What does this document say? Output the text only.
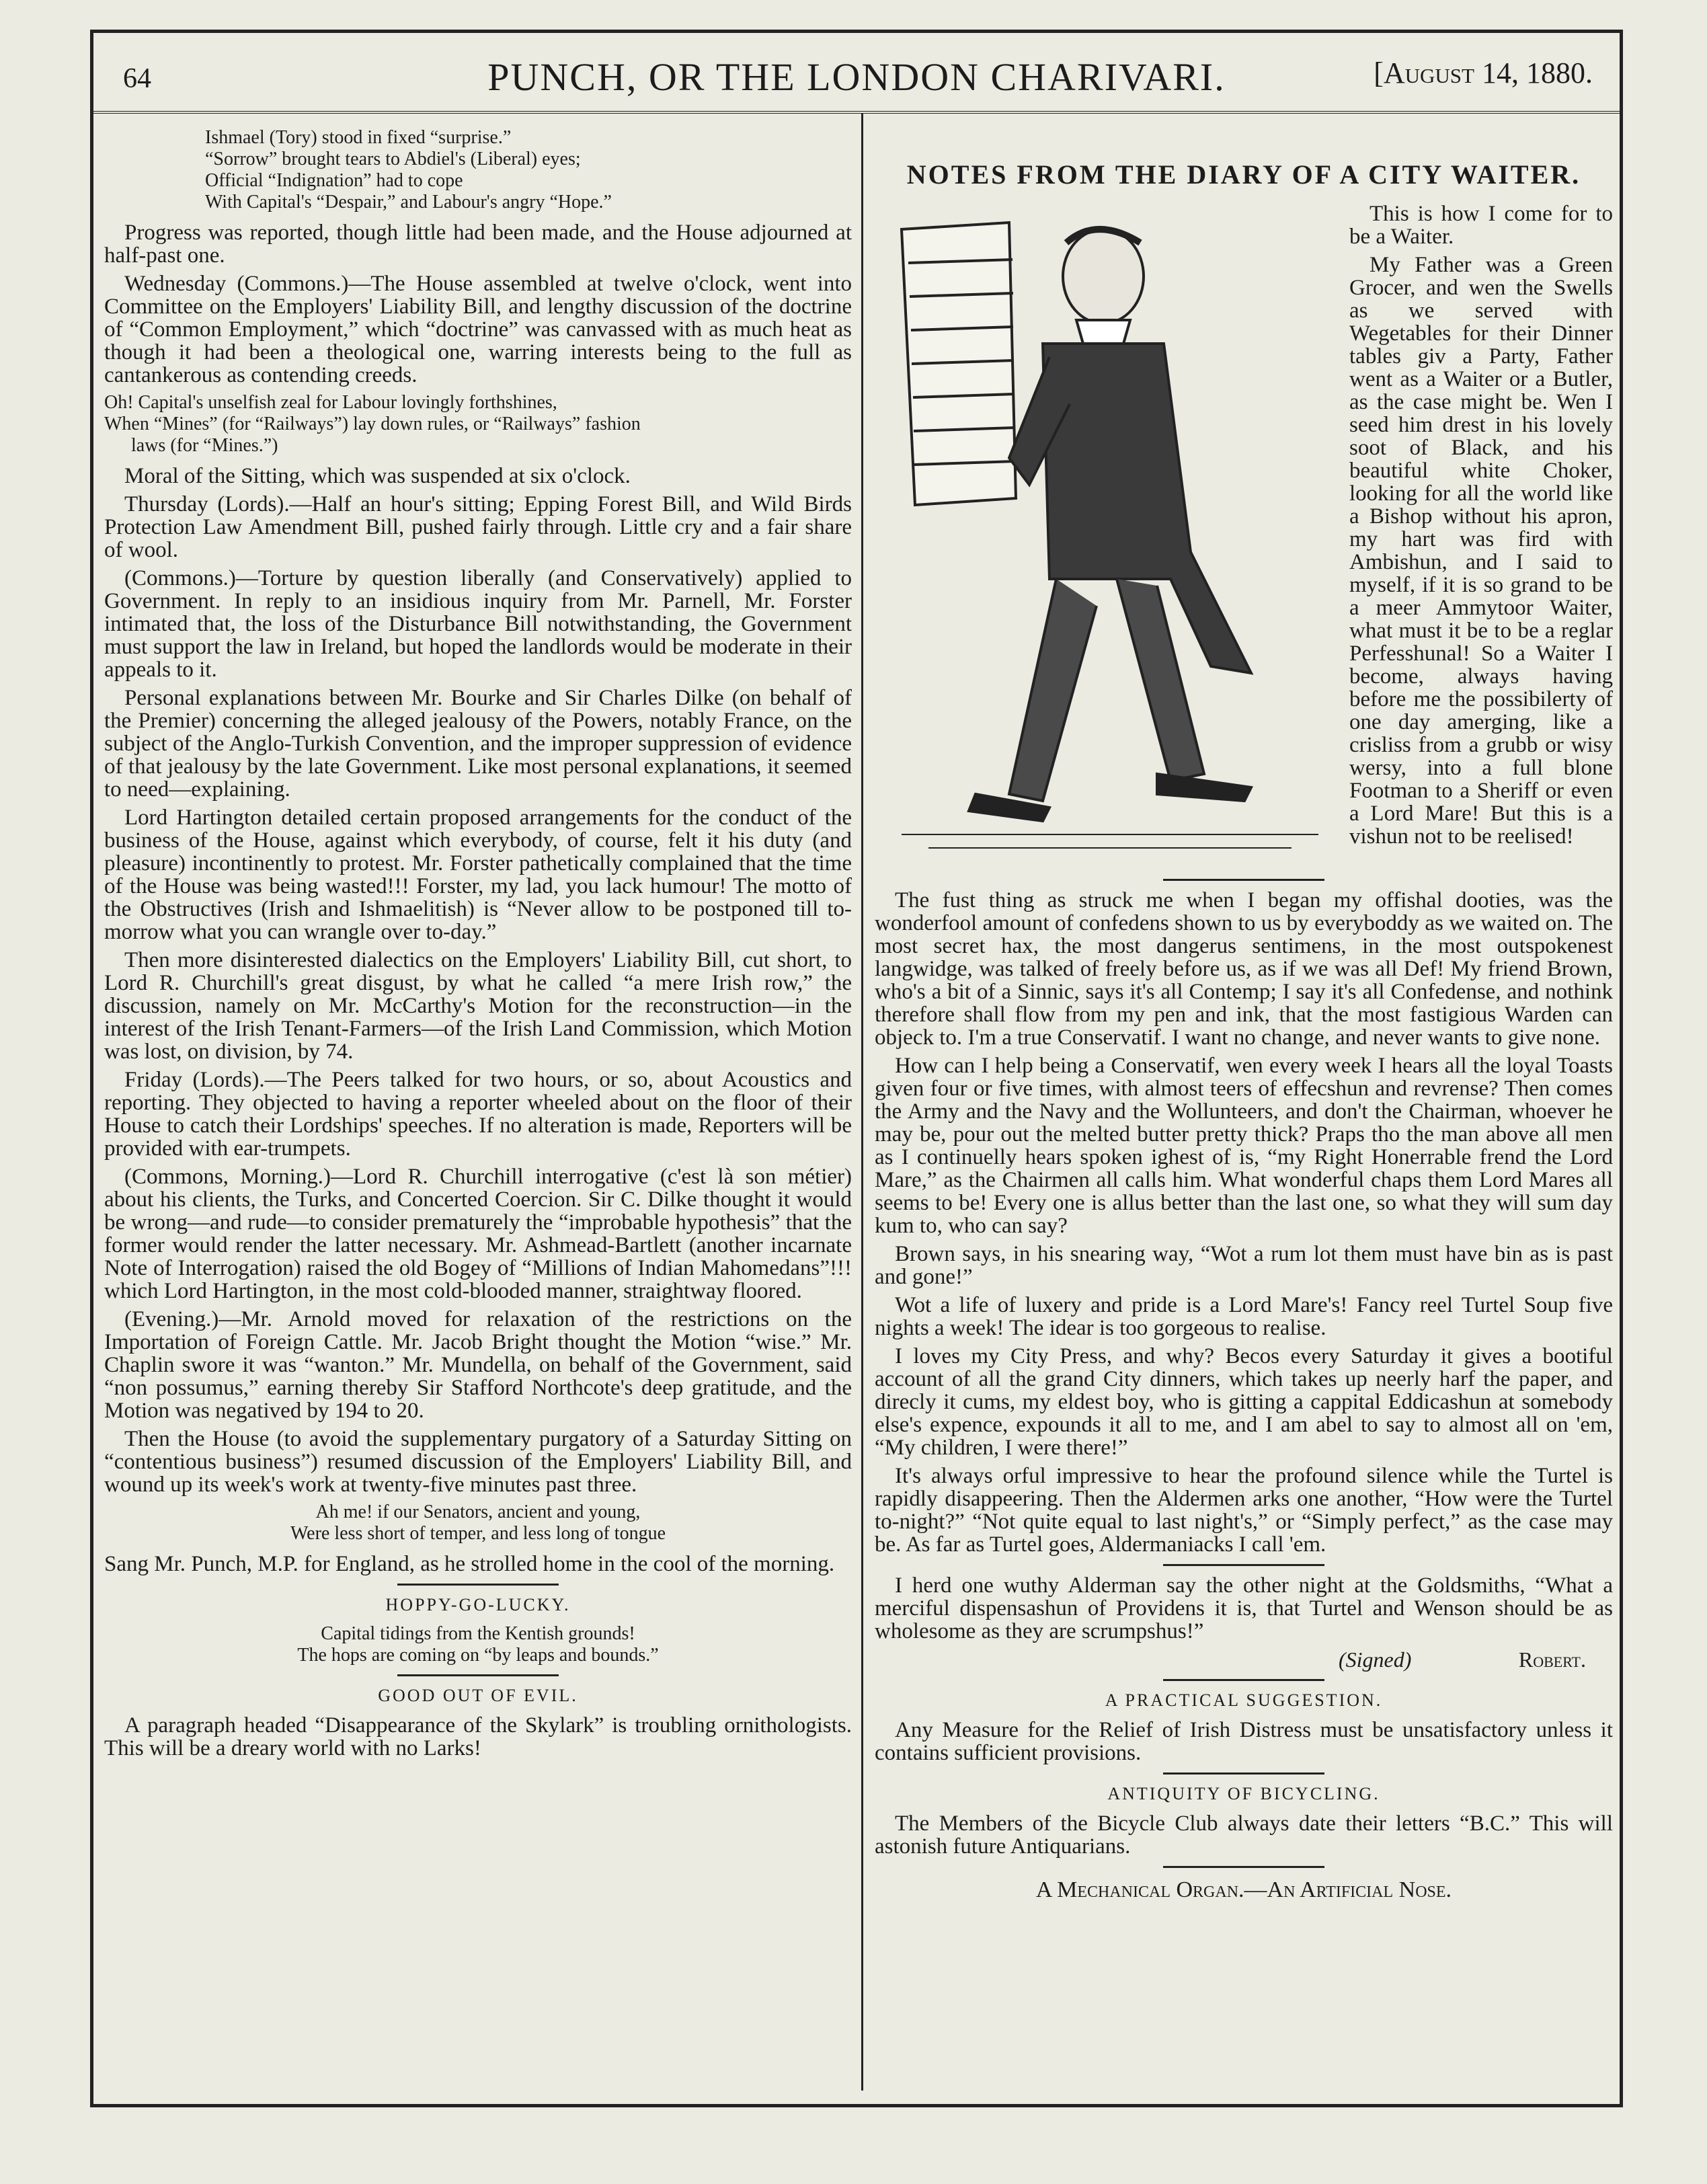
64	PUNCH, OR THE LONDON CHARIVARI.	[August 14, 1880.
Ishmael (Tory) stood in fixed “surprise.”
“Sorrow” brought tears to Abdiel's (Liberal) eyes;
Official “Indignation” had to cope
With Capital's “Despair,” and Labour's angry “Hope.”

Progress was reported, though little had been made, and the House adjourned at half-past one.

Wednesday (Commons.)—The House assembled at twelve o'clock, went into Committee on the Employers' Liability Bill, and lengthy discussion of the doctrine of “Common Employment,” which “doctrine” was canvassed with as much heat as though it had been a theological one, warring interests being to the full as cantankerous as contending creeds.

Oh! Capital's unselfish zeal for Labour lovingly forthshines,
When “Mines” (for “Railways”) lay down rules, or “Railways” fashion
laws (for “Mines.”)

Moral of the Sitting, which was suspended at six o'clock.

Thursday (Lords).—Half an hour's sitting; Epping Forest Bill, and Wild Birds Protection Law Amendment Bill, pushed fairly through. Little cry and a fair share of wool.

(Commons.)—Torture by question liberally (and Conservatively) applied to Government. In reply to an insidious inquiry from Mr. Parnell, Mr. Forster intimated that, the loss of the Disturbance Bill notwithstanding, the Government must support the law in Ireland, but hoped the landlords would be moderate in their appeals to it.

Personal explanations between Mr. Bourke and Sir Charles Dilke (on behalf of the Premier) concerning the alleged jealousy of the Powers, notably France, on the subject of the Anglo-Turkish Convention, and the improper suppression of evidence of that jealousy by the late Government. Like most personal explanations, it seemed to need—explaining.

Lord Hartington detailed certain proposed arrangements for the conduct of the business of the House, against which everybody, of course, felt it his duty (and pleasure) incontinently to protest. Mr. Forster pathetically complained that the time of the House was being wasted!!! Forster, my lad, you lack humour! The motto of the Obstructives (Irish and Ishmaelitish) is “Never allow to be postponed till to-morrow what you can wrangle over to-day.”

Then more disinterested dialectics on the Employers' Liability Bill, cut short, to Lord R. Churchill's great disgust, by what he called “a mere Irish row,” the discussion, namely on Mr. McCarthy's Motion for the reconstruction—in the interest of the Irish Tenant-Farmers—of the Irish Land Commission, which Motion was lost, on division, by 74.

Friday (Lords).—The Peers talked for two hours, or so, about Acoustics and reporting. They objected to having a reporter wheeled about on the floor of their House to catch their Lordships' speeches. If no alteration is made, Reporters will be provided with ear-trumpets.

(Commons, Morning.)—Lord R. Churchill interrogative (c'est là son métier) about his clients, the Turks, and Concerted Coercion. Sir C. Dilke thought it would be wrong—and rude—to consider prematurely the “improbable hypothesis” that the former would render the latter necessary. Mr. Ashmead-Bartlett (another incarnate Note of Interrogation) raised the old Bogey of “Millions of Indian Mahomedans”!!! which Lord Hartington, in the most cold-blooded manner, straightway floored.

(Evening.)—Mr. Arnold moved for relaxation of the restrictions on the Importation of Foreign Cattle. Mr. Jacob Bright thought the Motion “wise.” Mr. Chaplin swore it was “wanton.” Mr. Mundella, on behalf of the Government, said “non possumus,” earning thereby Sir Stafford Northcote's deep gratitude, and the Motion was negatived by 194 to 20.

Then the House (to avoid the supplementary purgatory of a Saturday Sitting on “contentious business”) resumed discussion of the Employers' Liability Bill, and wound up its week's work at twenty-five minutes past three.

Ah me! if our Senators, ancient and young,
Were less short of temper, and less long of tongue

Sang Mr. Punch, M.P. for England, as he strolled home in the cool of the morning.

HOPPY-GO-LUCKY.
Capital tidings from the Kentish grounds!
The hops are coming on “by leaps and bounds.”
GOOD OUT OF EVIL.

A paragraph headed “Disappearance of the Skylark” is troubling ornithologists. This will be a dreary world with no Larks!

NOTES FROM THE DIARY OF A CITY WAITER.

This is how I come for to be a Waiter.

My Father was a Green Grocer, and wen the Swells as we served with Wegetables for their Dinner tables giv a Party, Father went as a Waiter or a Butler, as the case might be. Wen I seed him drest in his lovely soot of Black, and his beautiful white Choker, looking for all the world like a Bishop without his apron, my hart was fird with Ambishun, and I said to myself, if it is so grand to be a meer Ammytoor Waiter, what must it be to be a reglar Perfesshunal! So a Waiter I become, always having before me the possibilerty of one day amerging, like a crisliss from a grubb or wisy wersy, into a full blone Footman to a Sheriff or even a Lord Mare! But this is a vishun not to be reelised!

The fust thing as struck me when I began my offishal dooties, was the wonderfool amount of confedens shown to us by everyboddy as we waited on. The most secret hax, the most dangerus sentimens, in the most outspokenest langwidge, was talked of freely before us, as if we was all Def! My friend Brown, who's a bit of a Sinnic, says it's all Contemp; I say it's all Confedense, and nothink therefore shall flow from my pen and ink, that the most fastigious Warden can objeck to. I'm a true Conservatif. I want no change, and never wants to give none.

How can I help being a Conservatif, wen every week I hears all the loyal Toasts given four or five times, with almost teers of effecshun and revrense? Then comes the Army and the Navy and the Wollunteers, and don't the Chairman, whoever he may be, pour out the melted butter pretty thick? Praps tho the man above all men as I continuelly hears spoken ighest of is, “my Right Honerrable frend the Lord Mare,” as the Chairmen all calls him. What wonderful chaps them Lord Mares all seems to be! Every one is allus better than the last one, so what they will sum day kum to, who can say?

Brown says, in his snearing way, “Wot a rum lot them must have bin as is past and gone!”

Wot a life of luxery and pride is a Lord Mare's! Fancy reel Turtel Soup five nights a week! The idear is too gorgeous to realise.

I loves my City Press, and why? Becos every Saturday it gives a bootiful account of all the grand City dinners, which takes up neerly harf the paper, and direcly it cums, my eldest boy, who is gitting a cappital Eddicashun at somebody else's expence, expounds it all to me, and I am abel to say to almost all on 'em, “My children, I were there!”

It's always orful impressive to hear the profound silence while the Turtel is rapidly disappeering. Then the Aldermen arks one another, “How were the Turtel to-night?” “Not quite equal to last night's,” or “Simply perfect,” as the case may be. As far as Turtel goes, Aldermaniacks I call 'em.

I herd one wuthy Alderman say the other night at the Goldsmiths, “What a merciful dispensashun of Providens it is, that Turtel and Wenson should be as wholesome as they are scrumpshus!”

(Signed)	Robert.
A PRACTICAL SUGGESTION.

Any Measure for the Relief of Irish Distress must be unsatisfactory unless it contains sufficient provisions.

ANTIQUITY OF BICYCLING.

The Members of the Bicycle Club always date their letters “B.C.” This will astonish future Antiquarians.

A Mechanical Organ.—An Artificial Nose.
